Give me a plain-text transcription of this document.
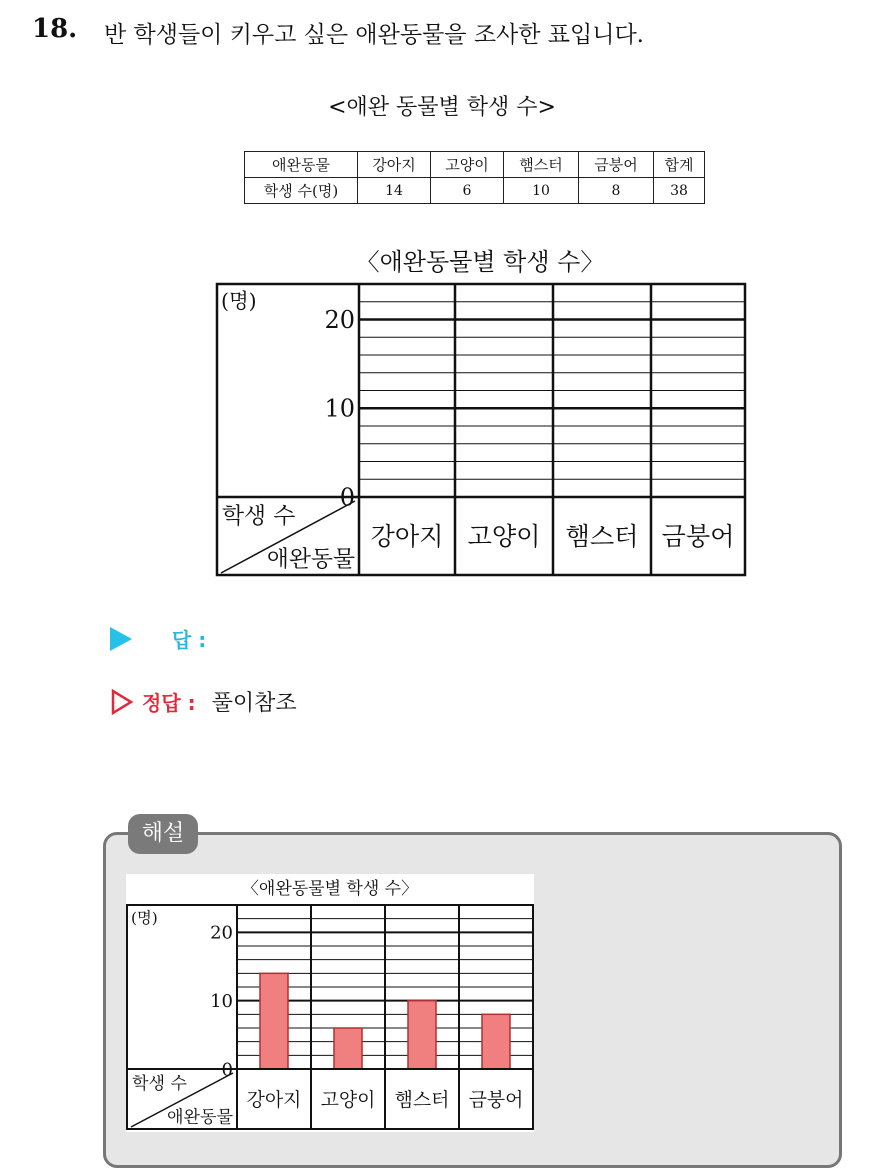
18. 반 학생들이 키우고 싶은 애완동물을 조사한 표입니다.
<애완 동물별 학생 수>
애완동물	강아지	고양이	햄스터	금붕어	합계
학생 수(명)	14	6	10	8	38
〈애완동물별 학생 수〉
(명)
0
10
20
학생 수
애완동물
강아지 고양이 햄스터 금붕어
답 :
정답 : 풀이참조
해설
〈애완동물별 학생 수〉
(명)
0
10
20
학생 수
애완동물
강아지 고양이 햄스터 금붕어
